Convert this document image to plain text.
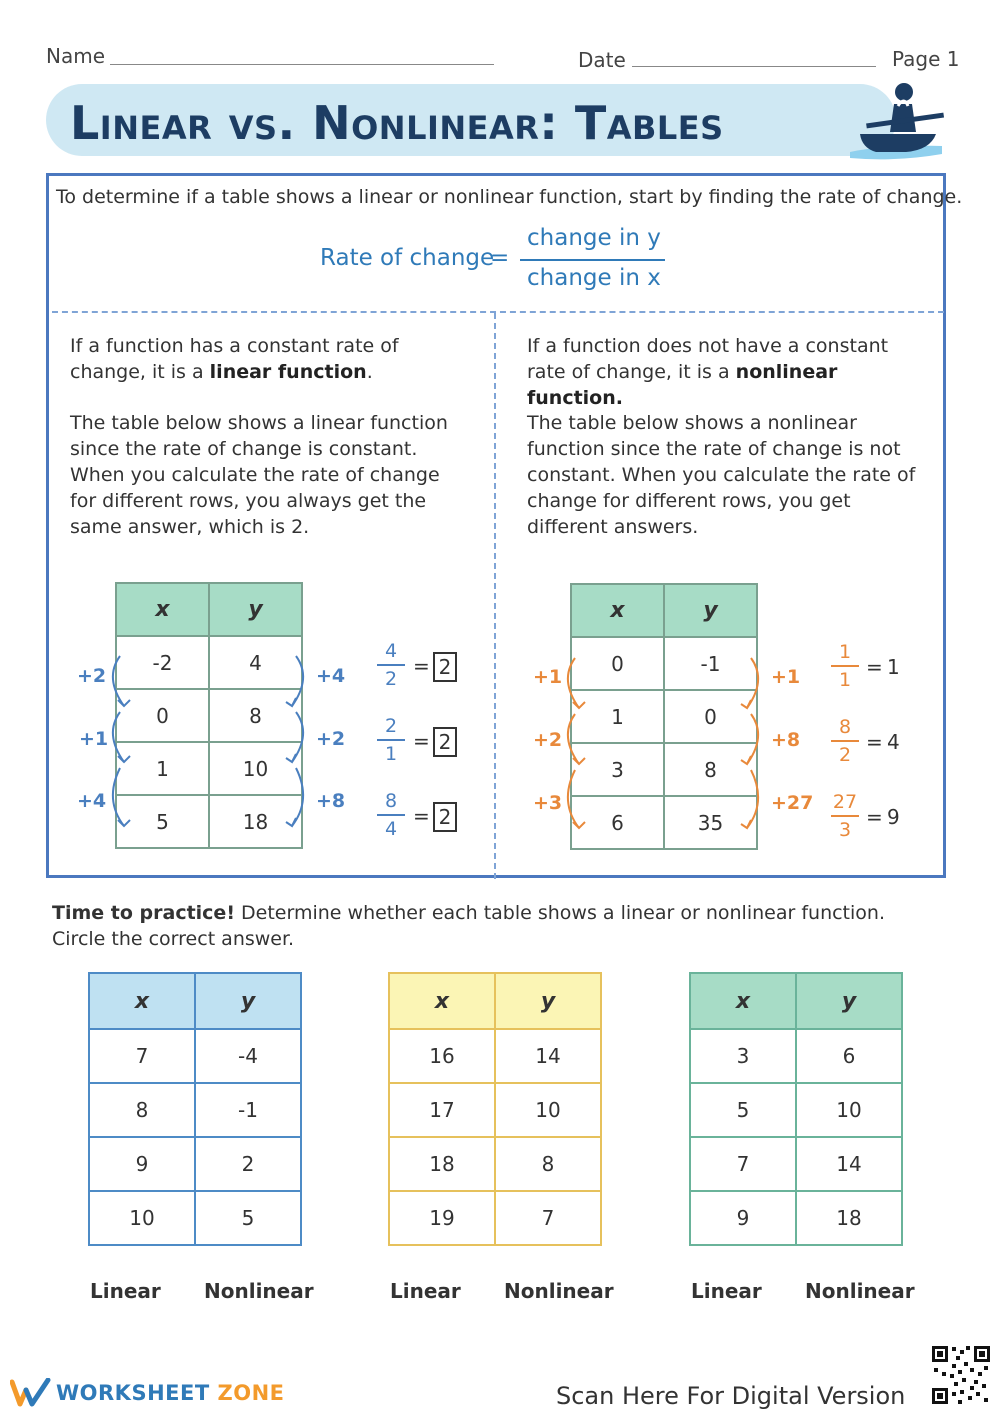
Name	Date	Page 1
Linear vs. Nonlinear: Tables
To determine if a table shows a linear or nonlinear function, start by finding the rate of change.
Rate of change
=
change in y
change in x
If a function has a constant rate of change, it is a linear function.
The table below shows a linear function since the rate of change is constant. When you calculate the rate of change for different rows, you always get the same answer, which is 2.
If a function does not have a constant rate of change, it is a nonlinear function.
The table below shows a nonlinear function since the rate of change is not constant. When you calculate the rate of change for different rows, you get different answers.
x	y
-2	4
0	8
1	10
5	18
+2
+1
+4
+4
+2
+8
4
2
= 2
2
1
= 2
8
4
= 2
x	y
0	-1
1	0
3	8
6	35
+1
+2
+3
+1
+8
+27
1
1
= 1
8
2
= 4
27
3
= 9
Time to practice! Determine whether each table shows a linear or nonlinear function. Circle the correct answer.
x	y
7	-4
8	-1
9	2
10	5
Linear Nonlinear
x	y
16	14
17	10
18	8
19	7
Linear Nonlinear
x	y
3	6
5	10
7	14
9	18
Linear Nonlinear
WORKSHEET ZONE	Scan Here For Digital Version
